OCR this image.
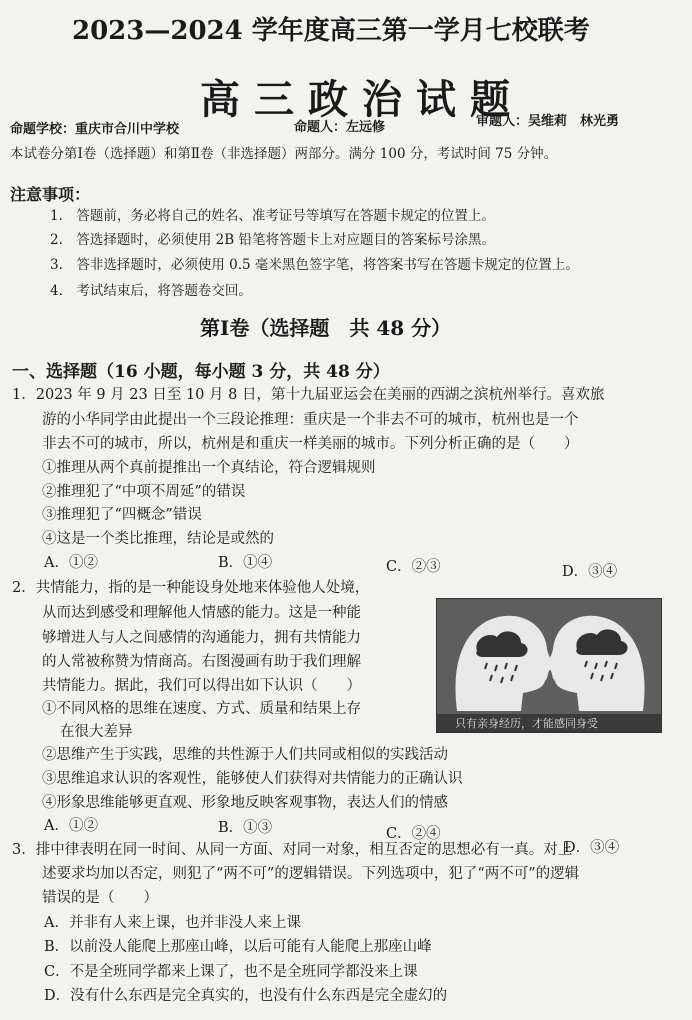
2023—2024 学年度高三第一学月七校联考
高三政治试题
命题学校：重庆市合川中学校	命题人：左远修	审题人：吴维莉　林光勇
本试卷分第Ⅰ卷（选择题）和第Ⅱ卷（非选择题）两部分。满分 100 分，考试时间 75 分钟。
注意事项：
1.　答题前，务必将自己的姓名、准考证号等填写在答题卡规定的位置上。
2.　答选择题时，必须使用 2B 铅笔将答题卡上对应题目的答案标号涂黑。
3.　答非选择题时，必须使用 0.5 毫米黑色签字笔，将答案书写在答题卡规定的位置上。
4.　考试结束后，将答题卷交回。
第Ⅰ卷（选择题　共 48 分）
一、选择题（16 小题，每小题 3 分，共 48 分）
1．2023 年 9 月 23 日至 10 月 8 日，第十九届亚运会在美丽的西湖之滨杭州举行。喜欢旅
游的小华同学由此提出一个三段论推理：重庆是一个非去不可的城市，杭州也是一个
非去不可的城市，所以，杭州是和重庆一样美丽的城市。下列分析正确的是（　　）
①推理从两个真前提推出一个真结论，符合逻辑规则
②推理犯了“中项不周延”的错误
③推理犯了“四概念”错误
④这是一个类比推理，结论是或然的
A．①②	B．①④	C．②③	D．③④
2．共情能力，指的是一种能设身处地来体验他人处境，
从而达到感受和理解他人情感的能力。这是一种能
够增进人与人之间感情的沟通能力，拥有共情能力
的人常被称赞为情商高。右图漫画有助于我们理解
共情能力。据此，我们可以得出如下认识（　　）
①不同风格的思维在速度、方式、质量和结果上存
在很大差异
②思维产生于实践，思维的共性源于人们共同或相似的实践活动
③思维追求认识的客观性，能够使人们获得对共情能力的正确认识
④形象思维能够更直观、形象地反映客观事物，表达人们的情感
A．①②	B．①③	C．②④
D．③④
只有亲身经历，才能感同身受
3．排中律表明在同一时间、从同一方面、对同一对象，相互否定的思想必有一真。对上
述要求均加以否定，则犯了“两不可”的逻辑错误。下列选项中，犯了“两不可”的逻辑
错误的是（　　）
A．并非有人来上课，也并非没人来上课
B．以前没人能爬上那座山峰，以后可能有人能爬上那座山峰
C．不是全班同学都来上课了，也不是全班同学都没来上课
D．没有什么东西是完全真实的，也没有什么东西是完全虚幻的
